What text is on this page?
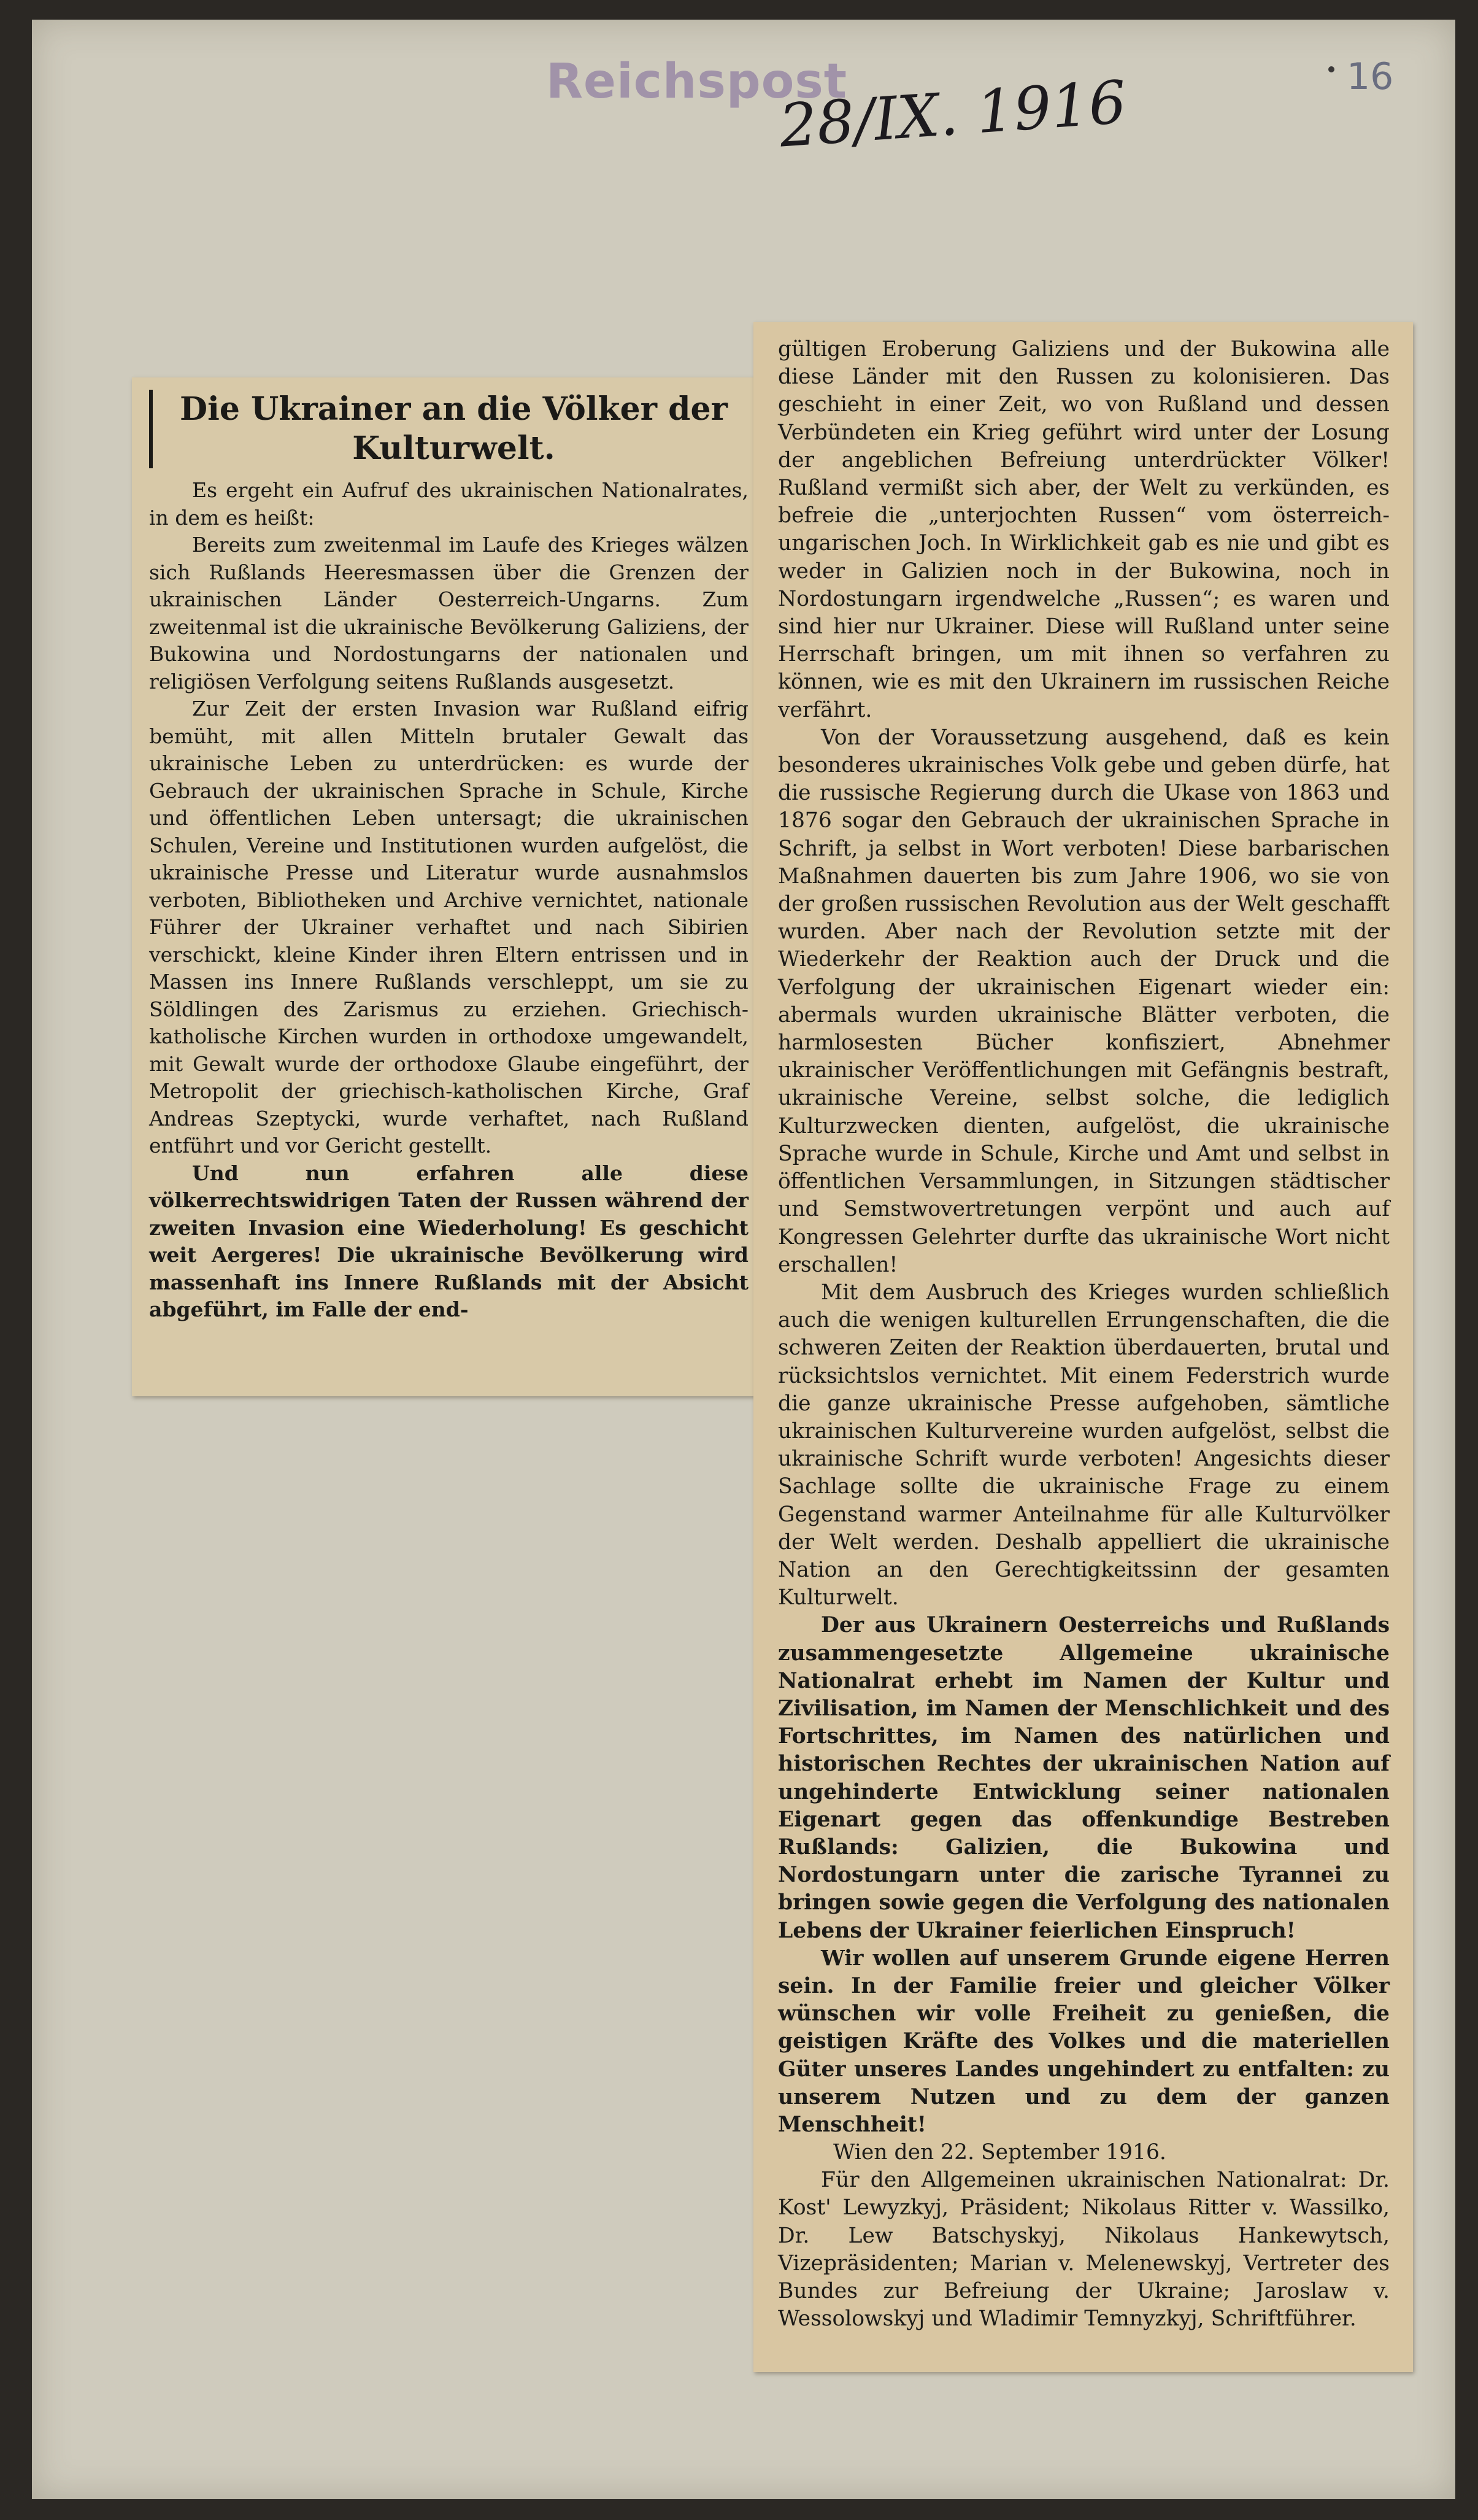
Reichspost
28/IX. 1916	16
Die Ukrainer an die Völker der Kulturwelt.

Es ergeht ein Aufruf des ukrainischen Nationalrates, in dem es heißt:

Bereits zum zweitenmal im Laufe des Krieges wälzen sich Rußlands Heeresmassen über die Grenzen der ukrainischen Länder Oesterreich-Ungarns. Zum zweitenmal ist die ukrainische Bevölkerung Galiziens, der Bukowina und Nordostungarns der nationalen und religiösen Verfolgung seitens Rußlands ausgesetzt.

Zur Zeit der ersten Invasion war Rußland eifrig bemüht, mit allen Mitteln brutaler Gewalt das ukrainische Leben zu unterdrücken: es wurde der Gebrauch der ukrainischen Sprache in Schule, Kirche und öffentlichen Leben untersagt; die ukrainischen Schulen, Vereine und Institutionen wurden aufgelöst, die ukrainische Presse und Literatur wurde ausnahmslos verboten, Bibliotheken und Archive vernichtet, nationale Führer der Ukrainer verhaftet und nach Sibirien verschickt, kleine Kinder ihren Eltern entrissen und in Massen ins Innere Rußlands verschleppt, um sie zu Söldlingen des Zarismus zu erziehen. Griechisch-katholische Kirchen wurden in orthodoxe umgewandelt, mit Gewalt wurde der orthodoxe Glaube eingeführt, der Metropolit der griechisch-katholischen Kirche, Graf Andreas Szeptycki, wurde verhaftet, nach Rußland entführt und vor Gericht gestellt.

Und nun erfahren alle diese völkerrechtswidrigen Taten der Russen während der zweiten Invasion eine Wiederholung! Es geschicht weit Aergeres! Die ukrainische Bevölkerung wird massenhaft ins Innere Rußlands mit der Absicht abgeführt, im Falle der end-

gültigen Eroberung Galiziens und der Bukowina alle diese Länder mit den Russen zu kolonisieren. Das geschieht in einer Zeit, wo von Rußland und dessen Verbündeten ein Krieg geführt wird unter der Losung der angeblichen Befreiung unterdrückter Völker! Rußland vermißt sich aber, der Welt zu verkünden, es befreie die „unterjochten Russen“ vom österreich-ungarischen Joch. In Wirklichkeit gab es nie und gibt es weder in Galizien noch in der Bukowina, noch in Nordostungarn irgendwelche „Russen“; es waren und sind hier nur Ukrainer. Diese will Rußland unter seine Herrschaft bringen, um mit ihnen so verfahren zu können, wie es mit den Ukrainern im russischen Reiche verfährt.

Von der Voraussetzung ausgehend, daß es kein besonderes ukrainisches Volk gebe und geben dürfe, hat die russische Regierung durch die Ukase von 1863 und 1876 sogar den Gebrauch der ukrainischen Sprache in Schrift, ja selbst in Wort verboten! Diese barbarischen Maßnahmen dauerten bis zum Jahre 1906, wo sie von der großen russischen Revolution aus der Welt geschafft wurden. Aber nach der Revolution setzte mit der Wiederkehr der Reaktion auch der Druck und die Verfolgung der ukrainischen Eigenart wieder ein: abermals wurden ukrainische Blätter verboten, die harmlosesten Bücher konfisziert, Abnehmer ukrainischer Veröffentlichungen mit Gefängnis bestraft, ukrainische Vereine, selbst solche, die lediglich Kulturzwecken dienten, aufgelöst, die ukrainische Sprache wurde in Schule, Kirche und Amt und selbst in öffentlichen Versammlungen, in Sitzungen städtischer und Semstwovertretungen verpönt und auch auf Kongressen Gelehrter durfte das ukrainische Wort nicht erschallen!

Mit dem Ausbruch des Krieges wurden schließlich auch die wenigen kulturellen Errungenschaften, die die schweren Zeiten der Reaktion überdauerten, brutal und rücksichtslos vernichtet. Mit einem Federstrich wurde die ganze ukrainische Presse aufgehoben, sämtliche ukrainischen Kulturvereine wurden aufgelöst, selbst die ukrainische Schrift wurde verboten! Angesichts dieser Sachlage sollte die ukrainische Frage zu einem Gegenstand warmer Anteilnahme für alle Kulturvölker der Welt werden. Deshalb appelliert die ukrainische Nation an den Gerechtigkeitssinn der gesamten Kulturwelt.

Der aus Ukrainern Oesterreichs und Rußlands zusammengesetzte Allgemeine ukrainische Nationalrat erhebt im Namen der Kultur und Zivilisation, im Namen der Menschlichkeit und des Fortschrittes, im Namen des natürlichen und historischen Rechtes der ukrainischen Nation auf ungehinderte Entwicklung seiner nationalen Eigenart gegen das offenkundige Bestreben Rußlands: Galizien, die Bukowina und Nordostungarn unter die zarische Tyrannei zu bringen sowie gegen die Verfolgung des nationalen Lebens der Ukrainer feierlichen Einspruch!

Wir wollen auf unserem Grunde eigene Herren sein. In der Familie freier und gleicher Völker wünschen wir volle Freiheit zu genießen, die geistigen Kräfte des Volkes und die materiellen Güter unseres Landes ungehindert zu entfalten: zu unserem Nutzen und zu dem der ganzen Menschheit!

Wien den 22. September 1916.

Für den Allgemeinen ukrainischen Nationalrat: Dr. Kost' Lewyzkyj, Präsident; Nikolaus Ritter v. Wassilko, Dr. Lew Batschyskyj, Nikolaus Hankewytsch, Vizepräsidenten; Marian v. Melenewskyj, Vertreter des Bundes zur Befreiung der Ukraine; Jaroslaw v. Wessolowskyj und Wladimir Temnyzkyj, Schriftführer.
